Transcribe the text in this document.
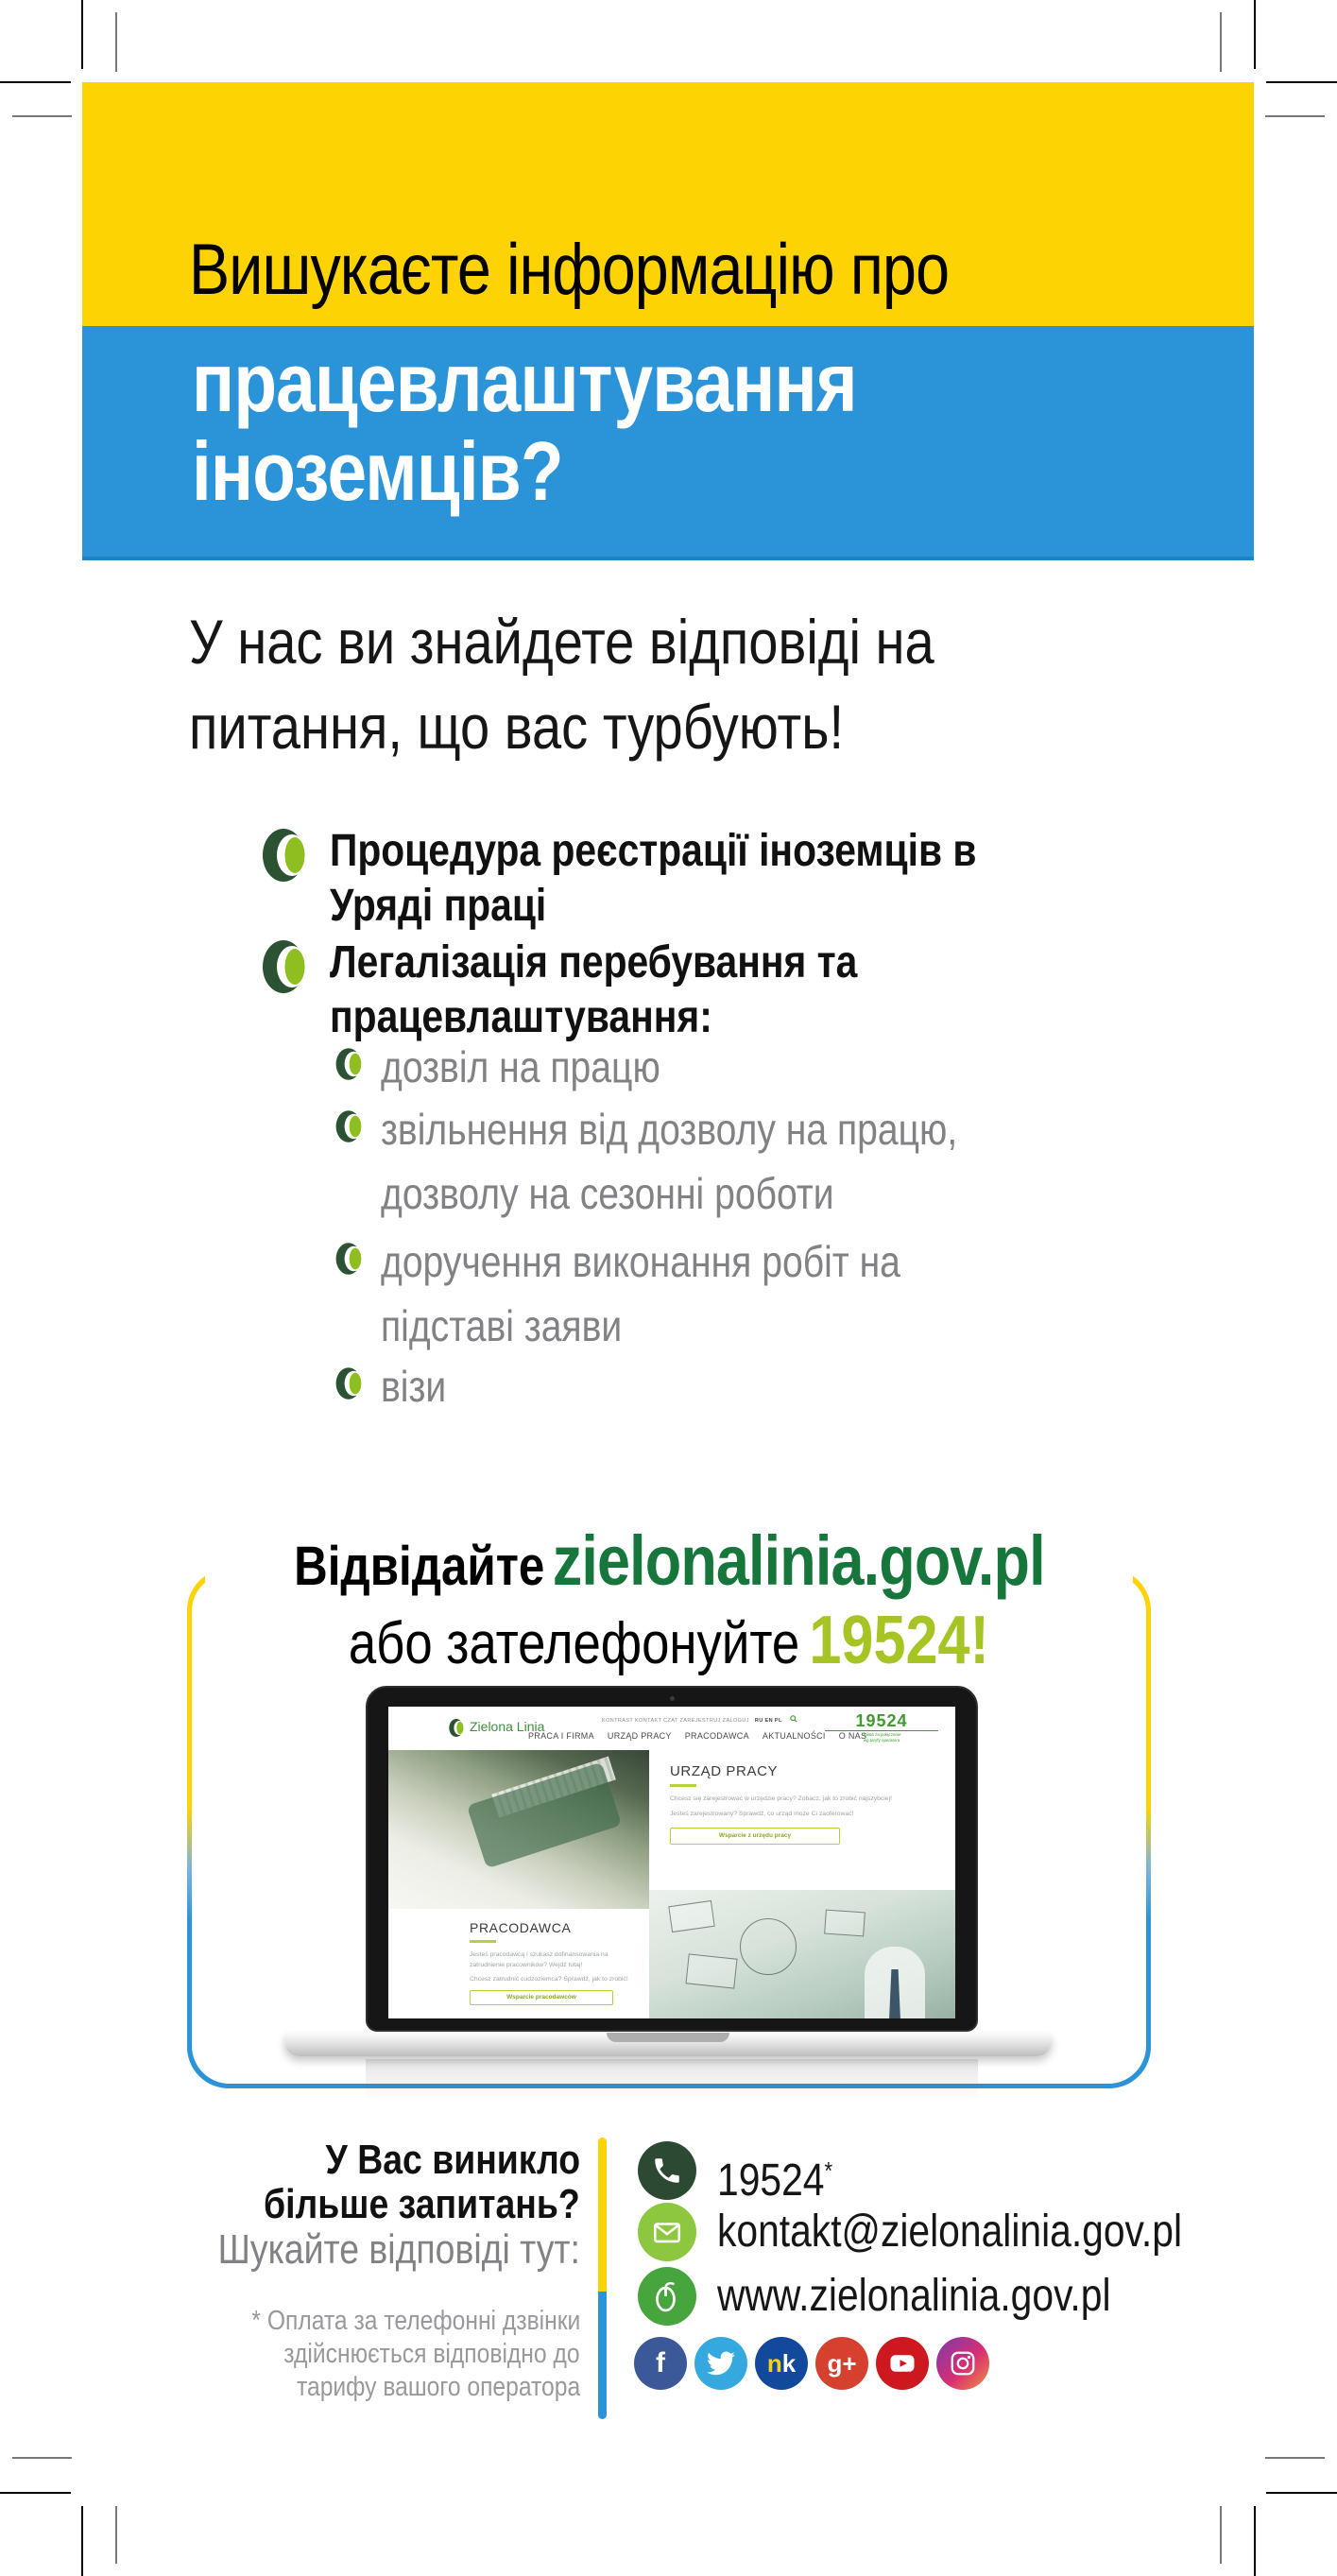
Вишукаєте інформацію про
працевлаштування
іноземців?
У нас ви знайдете відповіді на
питання, що вас турбують!
Процедура реєстрації іноземців в
Уряді праці
Легалізація перебування та
працевлаштування:
дозвіл на працю
звільнення від дозволу на працю,
дозволу на сезонні роботи
доручення виконання робіт на
підставі заяви
візи
Відвідайте zielonalinia.gov.pl
або зателефонуйте 19524!
Zielona Linia	KONTRAST KONTAKT CZAT ZAREJESTRUJ ZALOGUJ RU EN PL
PRACA I FIRMA URZĄD PRACY PRACODAWCA AKTUALNOŚCI O NAS
19524
opłata za połączenie
wg taryfy operatora
PRACODAWCA

Jesteś pracodawcą i szukasz dofinansowania na zatrudnienie pracowników? Wejdź tutaj!

Chcesz zatrudnić cudzoziemca? Sprawdź, jak to zrobić!

Wsparcie pracodawców
URZĄD PRACY

Chcesz się zarejestrować w urzędzie pracy? Zobacz, jak to zrobić najszybciej!

Jesteś zarejestrowany? Sprawdź, co urząd może Ci zaoferować!

Wsparcie z urzędu pracy
У Вас виникло
більше запитань?
Шукайте відповіді тут:
* Оплата за телефонні дзвінки
здійснюється відповідно до
тарифу вашого оператора
19524*
kontakt@zielonalinia.gov.pl
www.zielonalinia.gov.pl
f	nk g+
